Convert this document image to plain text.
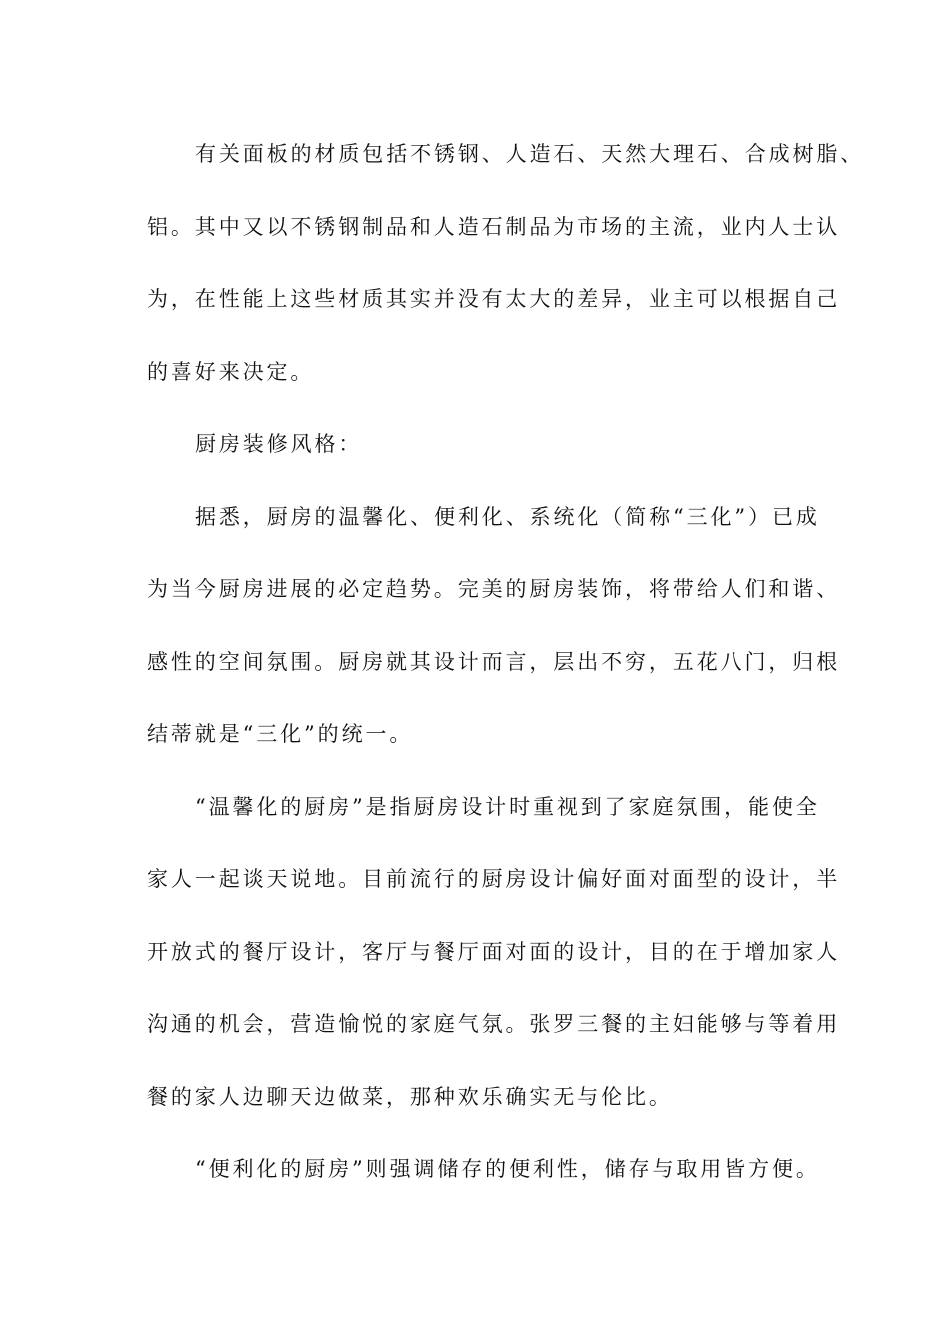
有关面板的材质包括不锈钢、人造石、天然大理石、合成树脂、
铝。其中又以不锈钢制品和人造石制品为市场的主流，业内人士认
为，在性能上这些材质其实并没有太大的差异，业主可以根据自己
的喜好来决定。
厨房装修风格：
据悉，厨房的温馨化、便利化、系统化（简称“三化”）已成
为当今厨房进展的必定趋势。完美的厨房装饰，将带给人们和谐、
感性的空间氛围。厨房就其设计而言，层出不穷，五花八门，归根
结蒂就是“三化”的统一。
“温馨化的厨房”是指厨房设计时重视到了家庭氛围，能使全
家人一起谈天说地。目前流行的厨房设计偏好面对面型的设计，半
开放式的餐厅设计，客厅与餐厅面对面的设计，目的在于增加家人
沟通的机会，营造愉悦的家庭气氛。张罗三餐的主妇能够与等着用
餐的家人边聊天边做菜，那种欢乐确实无与伦比。
“便利化的厨房”则强调储存的便利性，储存与取用皆方便。
